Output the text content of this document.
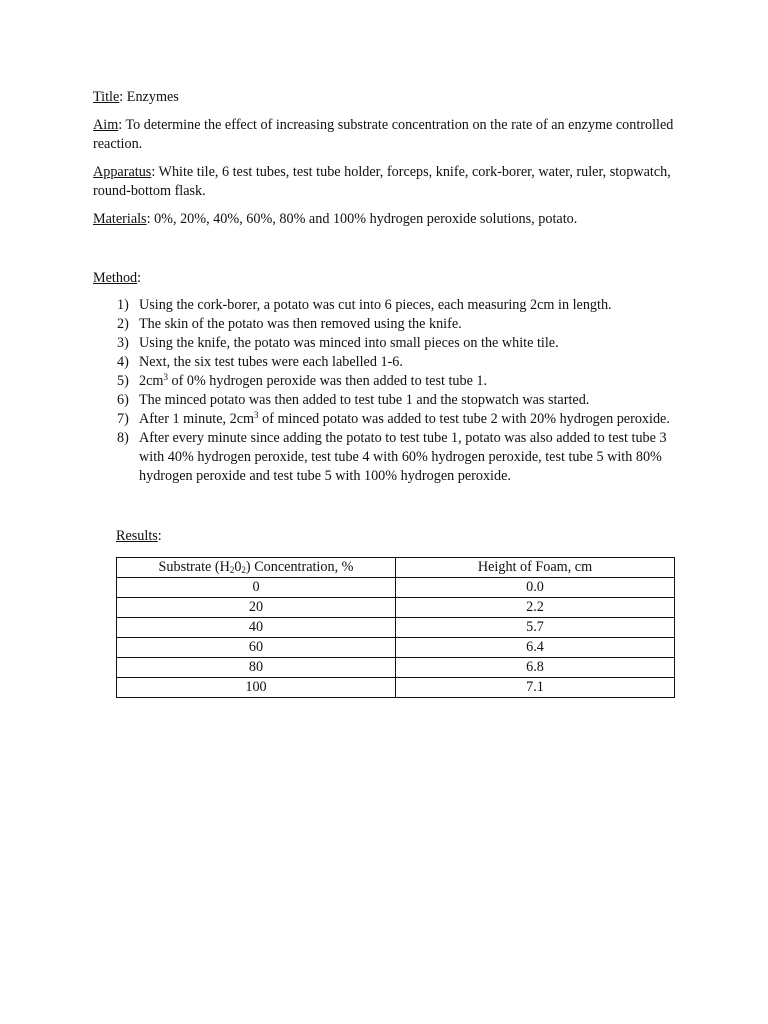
Title: Enzymes

Aim: To determine the effect of increasing substrate concentration on the rate of an enzyme controlled reaction.

Apparatus: White tile, 6 test tubes, test tube holder, forceps, knife, cork-borer, water, ruler, stopwatch, round-bottom flask.

Materials: 0%, 20%, 40%, 60%, 80% and 100% hydrogen peroxide solutions, potato.

Method:

1) Using the cork-borer, a potato was cut into 6 pieces, each measuring 2cm in length.
2) The skin of the potato was then removed using the knife.
3) Using the knife, the potato was minced into small pieces on the white tile.
4) Next, the six test tubes were each labelled 1-6.
5) $2cm^3$ of 0% hydrogen peroxide was then added to test tube 1.
6) The minced potato was then added to test tube 1 and the stopwatch was started.
7) After 1 minute, $2cm^3$ of minced potato was added to test tube 2 with 20% hydrogen peroxide.
8) After every minute since adding the potato to test tube 1, potato was also added to test tube 3 with 40% hydrogen peroxide, test tube 4 with 60% hydrogen peroxide, test tube 5 with 80% hydrogen peroxide and test tube 5 with 100% hydrogen peroxide.

Results:

Substrate $(H_20_2)$ Concentration, %	Height of Foam, cm
0	0.0
20	2.2
40	5.7
60	6.4
80	6.8
100	7.1
